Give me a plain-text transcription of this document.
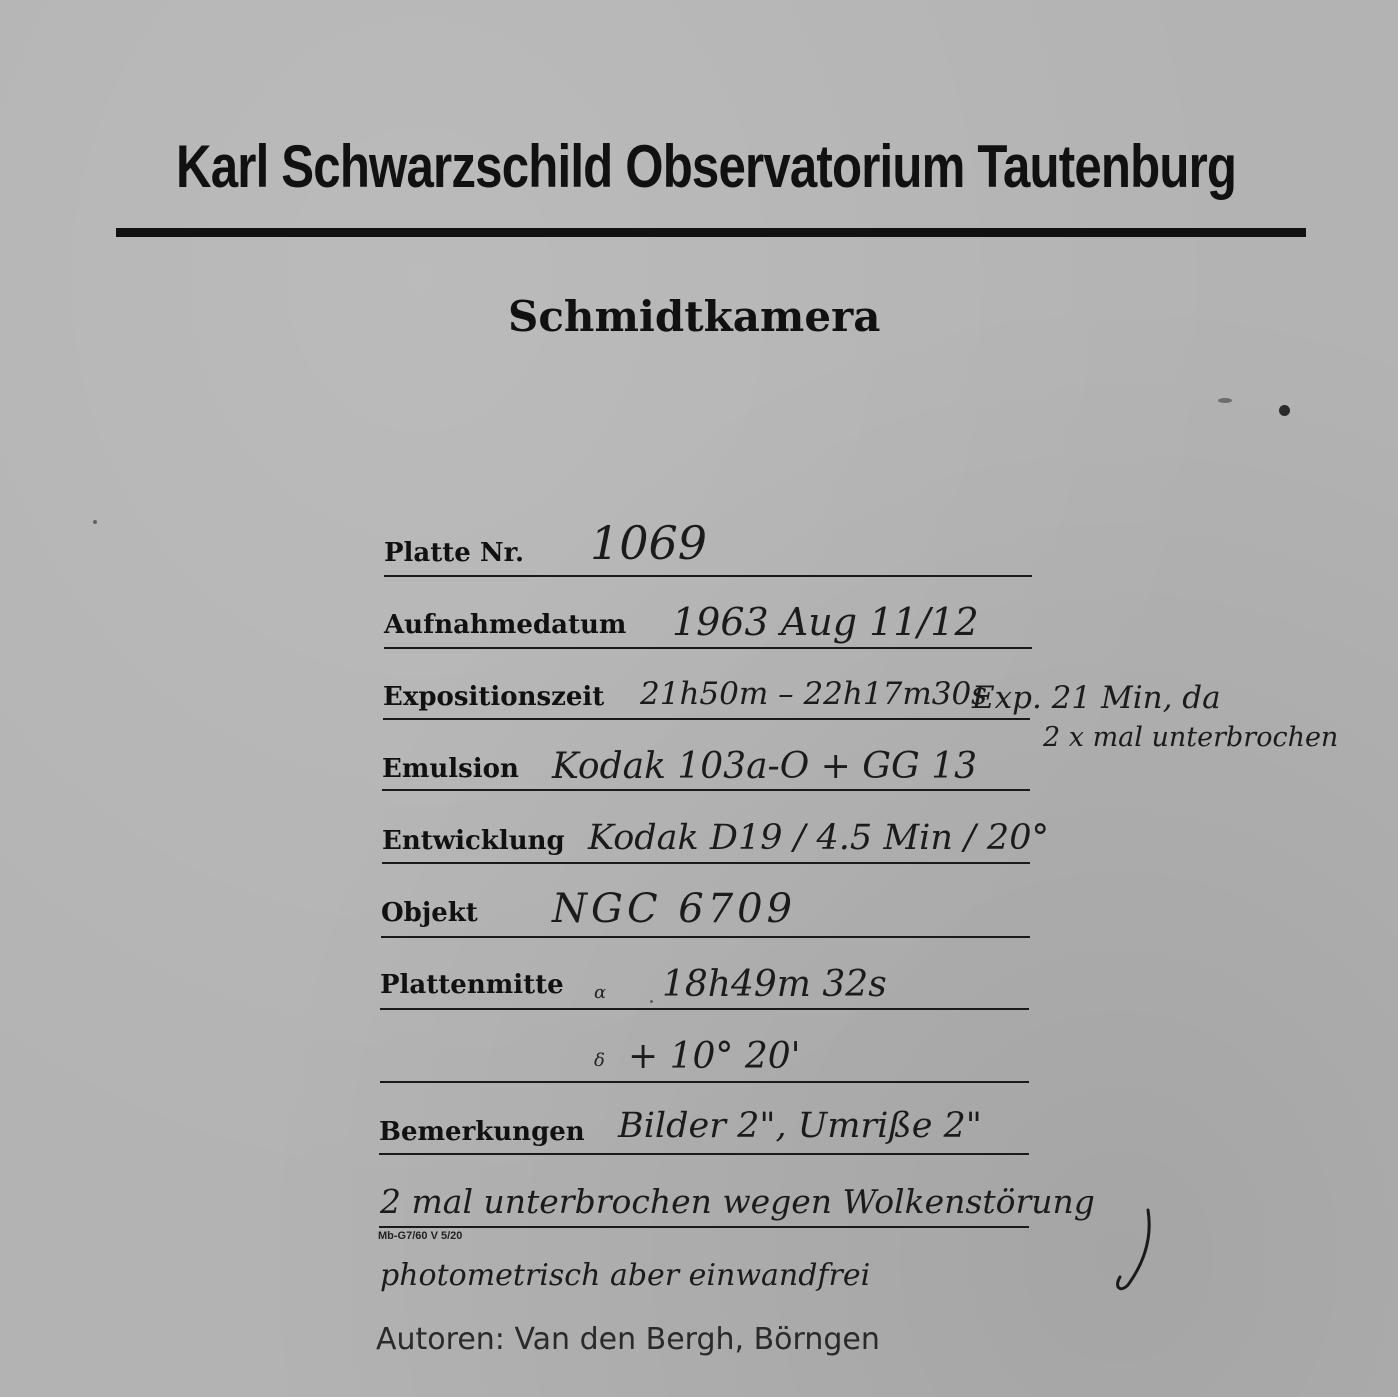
Karl Schwarzschild Observatorium Tautenburg
Schmidtkamera
Platte Nr. 1069
Aufnahmedatum 1963 Aug 11/12
Expositionszeit 21h50m – 22h17m30s
Exp. 21 Min, da
2 x mal unterbrochen
Emulsion Kodak 103a-O + GG 13
Entwicklung Kodak D19 / 4.5 Min / 20°
Objekt NGC 6709
Plattenmitte α 18h49m 32s
δ + 10° 20'
Bemerkungen Bilder 2", Umriße 2"
2 mal unterbrochen wegen Wolkenstörung
Mb-G7/60 V 5/20
photometrisch aber einwandfrei
Autoren: Van den Bergh, Börngen
